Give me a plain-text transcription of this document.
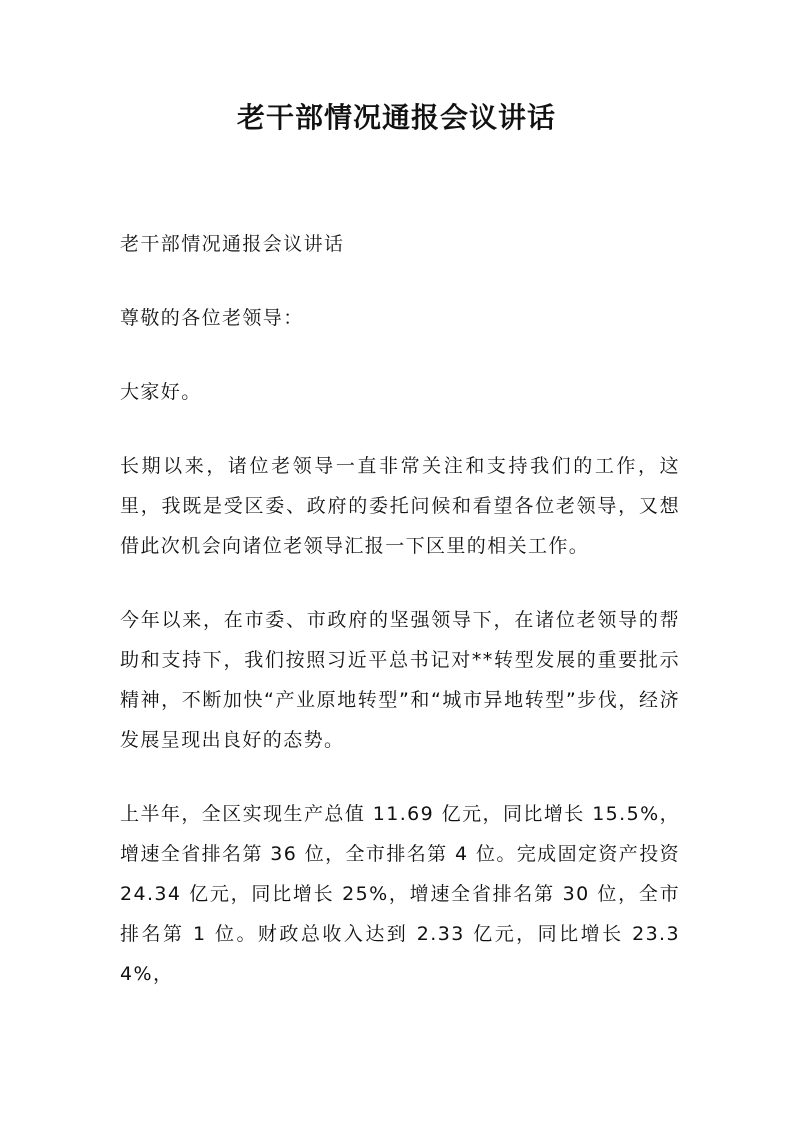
老干部情况通报会议讲话

老干部情况通报会议讲话

尊敬的各位老领导：

大家好。

长期以来，诸位老领导一直非常关注和支持我们的工作，这里，我既是受区委、政府的委托问候和看望各位老领导，又想借此次机会向诸位老领导汇报一下区里的相关工作。

今年以来，在市委、市政府的坚强领导下，在诸位老领导的帮助和支持下，我们按照习近平总书记对**转型发展的重要批示精神，不断加快“产业原地转型”和“城市异地转型”步伐，经济发展呈现出良好的态势。

上半年，全区实现生产总值 11.69 亿元，同比增长 15.5%，增速全省排名第 36 位，全市排名第 4 位。完成固定资产投资 24.34 亿元，同比增长 25%，增速全省排名第 30 位，全市排名第 1 位。财政总收入达到 2.33 亿元，同比增长 23.34%，
